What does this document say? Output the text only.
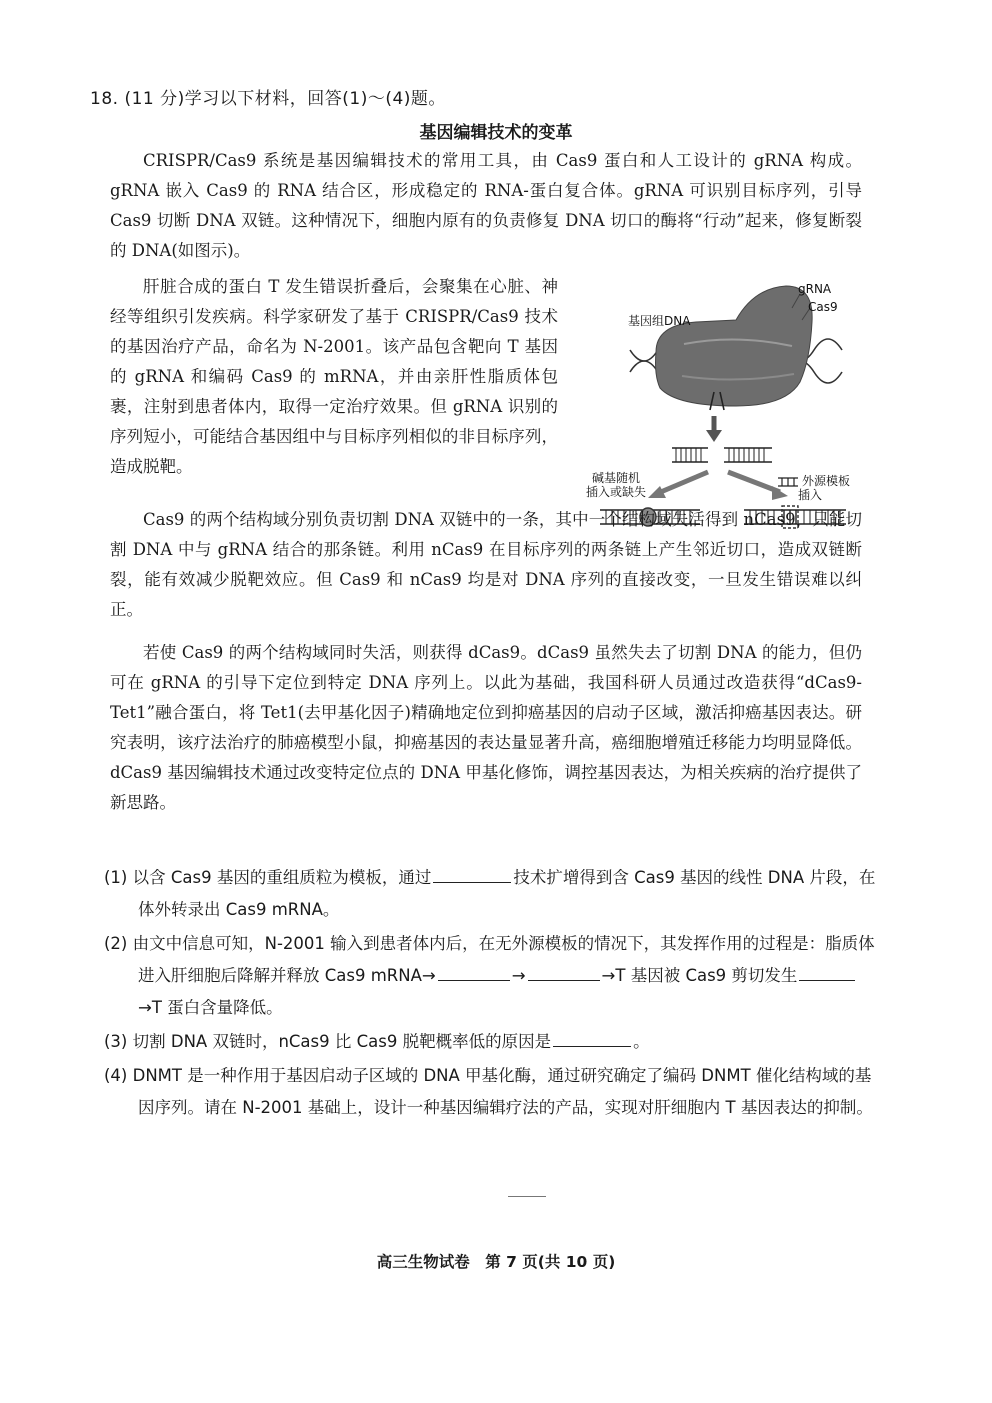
18. (11 分)学习以下材料，回答(1)～(4)题。
基因编辑技术的变革

CRISPR/Cas9 系统是基因编辑技术的常用工具，由 Cas9 蛋白和人工设计的 gRNA 构成。gRNA 嵌入 Cas9 的 RNA 结合区，形成稳定的 RNA-蛋白复合体。gRNA 可识别目标序列，引导 Cas9 切断 DNA 双链。这种情况下，细胞内原有的负责修复 DNA 切口的酶将“行动”起来，修复断裂的 DNA(如图示)。

肝脏合成的蛋白 T 发生错误折叠后，会聚集在心脏、神经等组织引发疾病。科学家研发了基于 CRISPR/Cas9 技术的基因治疗产品，命名为 N-2001。该产品包含靶向 T 基因的 gRNA 和编码 Cas9 的 mRNA，并由亲肝性脂质体包裹，注射到患者体内，取得一定治疗效果。但 gRNA 识别的序列短小，可能结合基因组中与目标序列相似的非目标序列，造成脱靶。

gRNA
Cas9
基因组DNA
碱基随机
插入或缺失
外源模板
插入

Cas9 的两个结构域分别负责切割 DNA 双链中的一条，其中一个结构域失活得到 nCas9，只能切割 DNA 中与 gRNA 结合的那条链。利用 nCas9 在目标序列的两条链上产生邻近切口，造成双链断裂，能有效减少脱靶效应。但 Cas9 和 nCas9 均是对 DNA 序列的直接改变，一旦发生错误难以纠正。

若使 Cas9 的两个结构域同时失活，则获得 dCas9。dCas9 虽然失去了切割 DNA 的能力，但仍可在 gRNA 的引导下定位到特定 DNA 序列上。以此为基础，我国科研人员通过改造获得“dCas9-Tet1”融合蛋白，将 Tet1(去甲基化因子)精确地定位到抑癌基因的启动子区域，激活抑癌基因表达。研究表明，该疗法治疗的肺癌模型小鼠，抑癌基因的表达量显著升高，癌细胞增殖迁移能力均明显降低。dCas9 基因编辑技术通过改变特定位点的 DNA 甲基化修饰，调控基因表达，为相关疾病的治疗提供了新思路。

(1) 以含 Cas9 基因的重组质粒为模板，通过	技术扩增得到含 Cas9 基因的线性 DNA 片段，在体外转录出 Cas9 mRNA。

(2) 由文中信息可知，N-2001 输入到患者体内后，在无外源模板的情况下，其发挥作用的过程是：脂质体进入肝细胞后降解并释放 Cas9 mRNA→	→	→T 基因被 Cas9 剪切发生→T 蛋白含量降低。

(3) 切割 DNA 双链时，nCas9 比 Cas9 脱靶概率低的原因是	。

(4) DNMT 是一种作用于基因启动子区域的 DNA 甲基化酶，通过研究确定了编码 DNMT 催化结构域的基因序列。请在 N-2001 基础上，设计一种基因编辑疗法的产品，实现对肝细胞内 T 基因表达的抑制。

高三生物试卷　第 7 页(共 10 页)
